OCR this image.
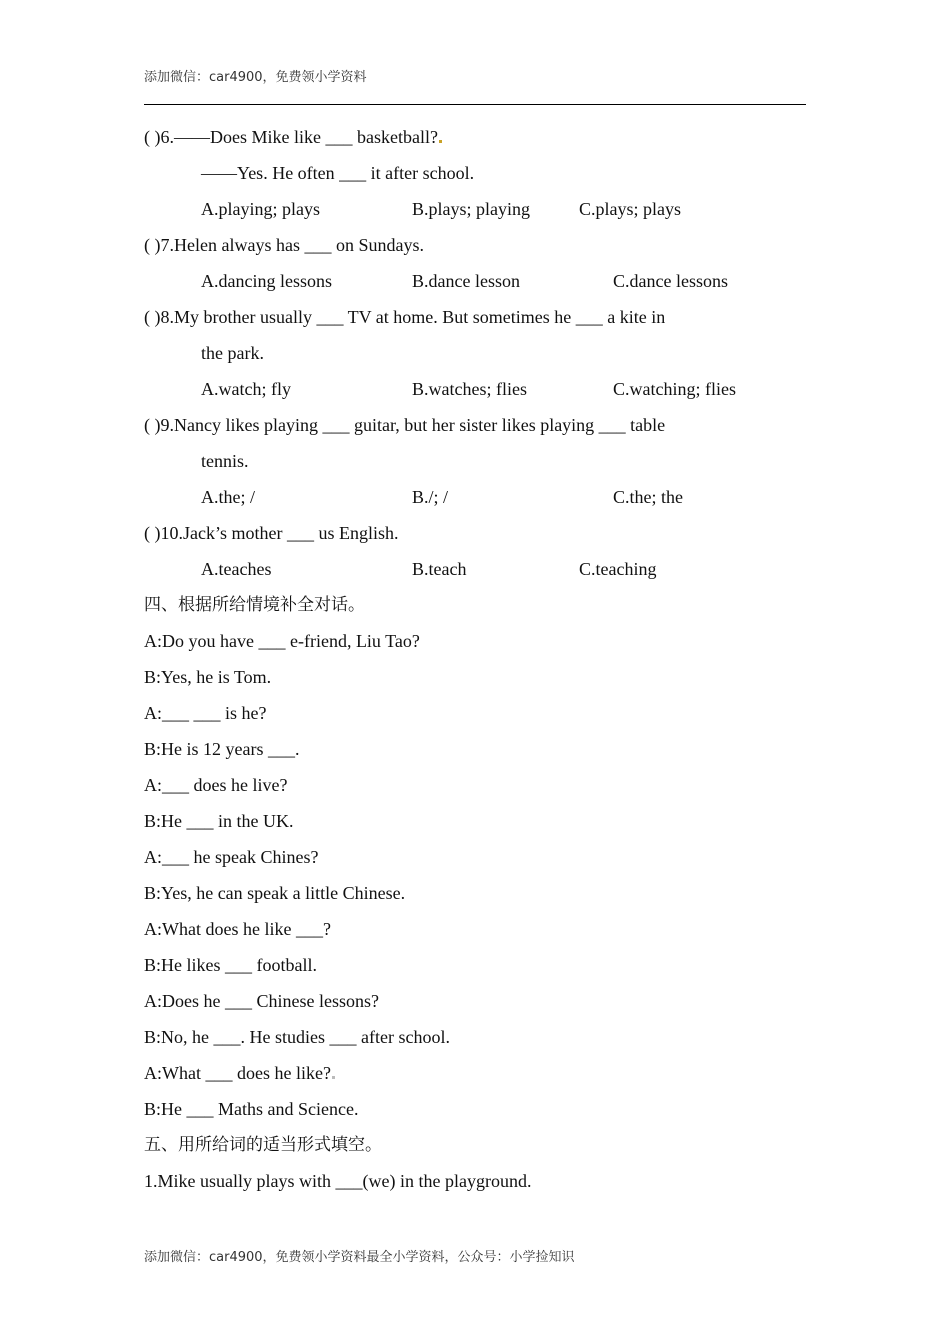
添加微信：car4900，免费领小学资料
( )6.——Does Mike like ___ basketball?
——Yes. He often ___ it after school.
A.playing; plays	B.plays; playing	C.plays; plays
( )7.Helen always has ___ on Sundays.
A.dancing lessons	B.dance lesson	C.dance lessons
( )8.My brother usually ___ TV at home. But sometimes he ___ a kite in
the park.
A.watch; fly	B.watches; flies	C.watching; flies
( )9.Nancy likes playing ___ guitar, but her sister likes playing ___ table
tennis.
A.the; /	B./; /	C.the; the
( )10.Jack’s mother ___ us English.
A.teaches	B.teach	C.teaching
四、根据所给情境补全对话。
A:Do you have ___ e-friend, Liu Tao?
B:Yes, he is Tom.
A:___ ___ is he?
B:He is 12 years ___.
A:___ does he live?
B:He ___ in the UK.
A:___ he speak Chines?
B:Yes, he can speak a little Chinese.
A:What does he like ___?
B:He likes ___ football.
A:Does he ___ Chinese lessons?
B:No, he ___. He studies ___ after school.
A:What ___ does he like?
B:He ___ Maths and Science.
五、用所给词的适当形式填空。
1.Mike usually plays with ___(we) in the playground.
添加微信：car4900，免费领小学资料最全小学资料，公众号：小学捡知识
